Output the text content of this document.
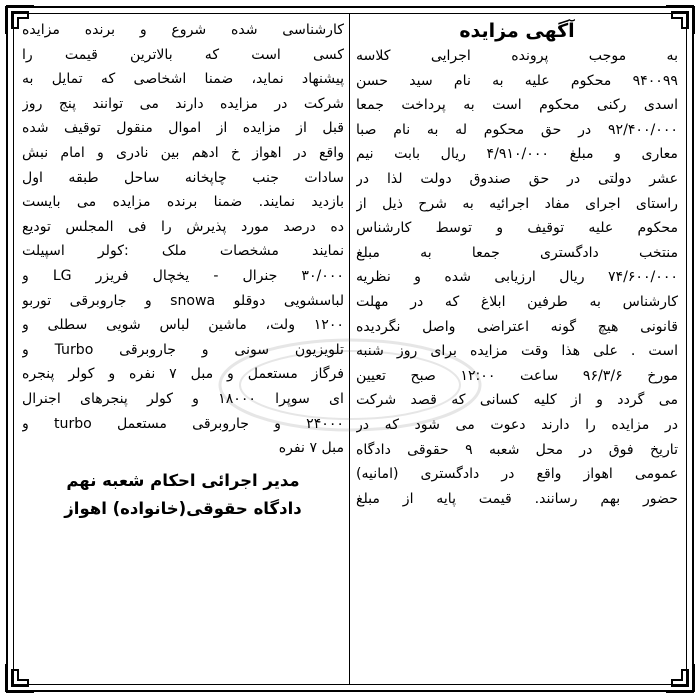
آگهی مزایده
به موجب پرونده اجرایی کلاسه
۹۴۰۰۹۹ محکوم علیه به نام سید حسن
اسدی رکنی محکوم است به پرداخت جمعا
۹۲/۴۰۰/۰۰۰ در حق محکوم له به نام صبا
معاری و مبلغ ۴/۹۱۰/۰۰۰ ریال بابت نیم
عشر دولتی در حق صندوق دولت لذا در
راستای اجرای مفاد اجرائیه به شرح ذیل از
محکوم علیه توقیف و توسط کارشناس
منتخب دادگستری جمعا به مبلغ
۷۴/۶۰۰/۰۰۰ ریال ارزیابی شده و نظریه
کارشناس به طرفین ابلاغ که در مهلت
قانونی هیچ گونه اعتراضی واصل نگردیده
است . علی هذا وقت مزایده برای روز شنبه
مورخ ۹۶/۳/۶ ساعت ۱۲:۰۰ صبح تعیین
می گردد و از کلیه کسانی که قصد شرکت
در مزایده را دارند دعوت می شود که در
تاریخ فوق در محل شعبه ۹ حقوقی دادگاه
عمومی اهواز واقع در دادگستری (امانیه)
حضور بهم رسانند. قیمت پایه از مبلغ
کارشناسی شده شروع و برنده مزایده
کسی است که بالاترین قیمت را
پیشنهاد نماید، ضمنا اشخاصی که تمایل به
شرکت در مزایده دارند می توانند پنج روز
قبل از مزایده از اموال منقول توقیف شده
واقع در اهواز خ ادهم بین نادری و امام نبش
سادات جنب چاپخانه ساحل طبقه اول
بازدید نمایند. ضمنا برنده مزایده می بایست
ده درصد مورد پذیرش را فی المجلس تودیع
نمایند مشخصات ملک :کولر اسپیلت
۳۰/۰۰۰ جنرال - یخچال فریزر LG و
لباسشویی دوقلو snowa و جاروبرقی توربو
۱۲۰۰ ولت، ماشین لباس شویی سطلی و
تلویزیون سونی و جاروبرقی Turbo و
فرگاز مستعمل و مبل ۷ نفره و کولر پنجره
ای سوپرا ۱۸۰۰۰ و کولر پنجرهای اجنرال
۲۴۰۰۰ و جاروبرقی مستعمل turbo و
مبل ۷ نفره
مدیر اجرائی احکام شعبه نهم
دادگاه حقوقی(خانواده) اهواز
